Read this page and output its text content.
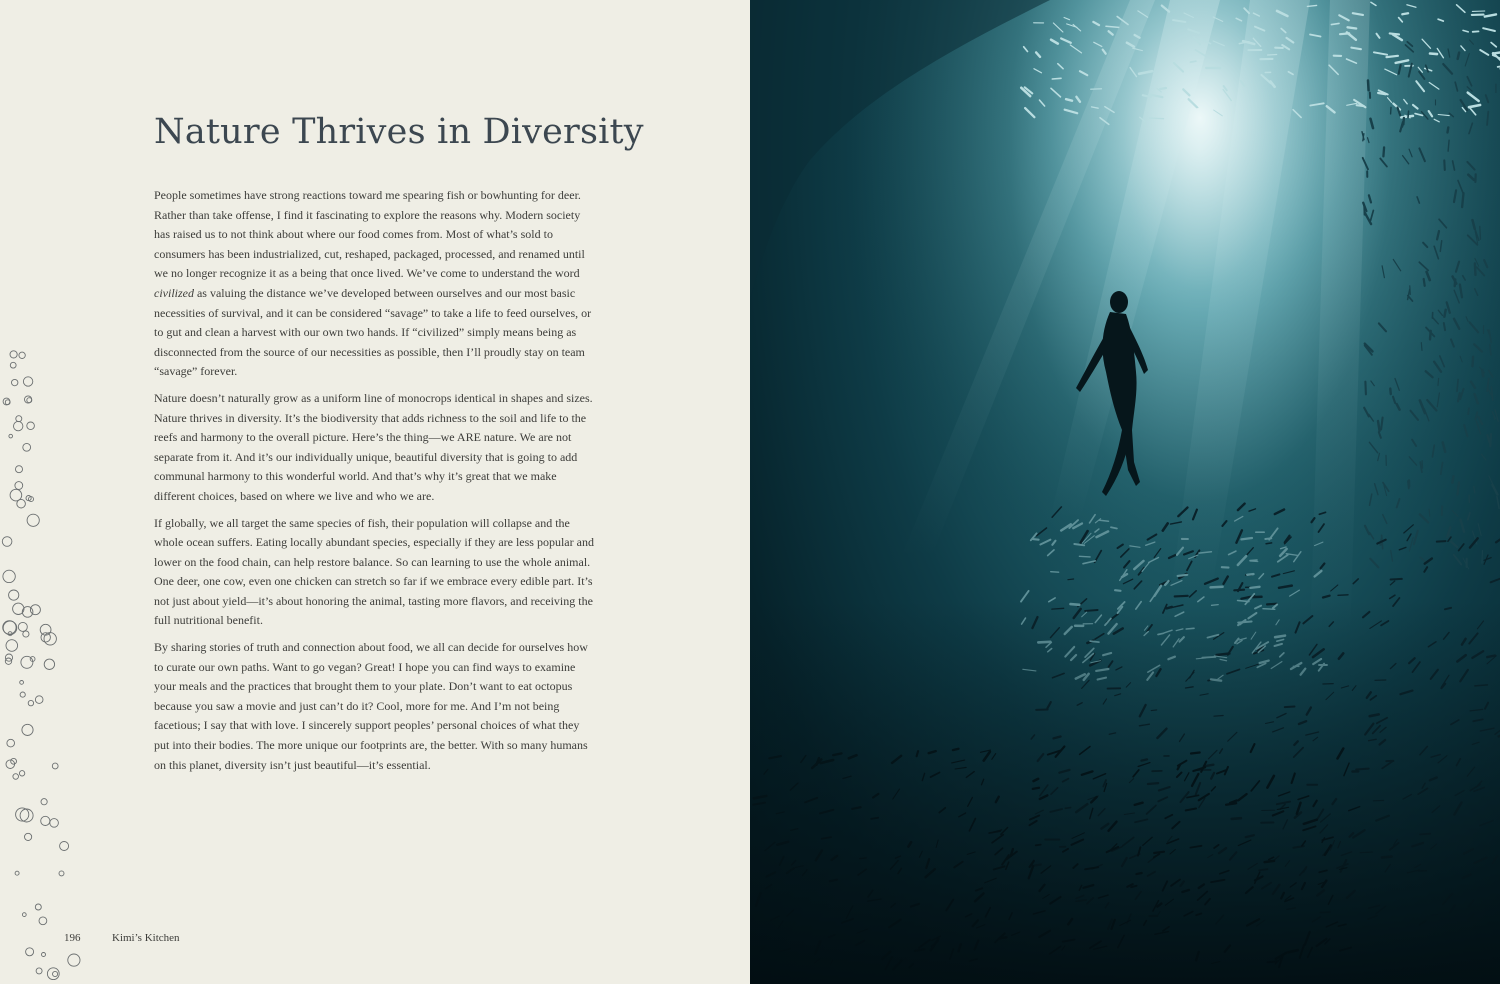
Nature Thrives in Diversity

People sometimes have strong reactions toward me spearing fish or bowhunting for deer. Rather than take offense, I find it fascinating to explore the reasons why. Modern society has raised us to not think about where our food comes from. Most of what’s sold to consumers has been industrialized, cut, reshaped, packaged, processed, and renamed until we no longer recognize it as a being that once lived. We’ve come to understand the word civilized as valuing the distance we’ve developed between ourselves and our most basic necessities of survival, and it can be considered “savage” to take a life to feed ourselves, or to gut and clean a harvest with our own two hands. If “civilized” simply means being as disconnected from the source of our necessities as possible, then I’ll proudly stay on team “savage” forever.

Nature doesn’t naturally grow as a uniform line of monocrops identical in shapes and sizes. Nature thrives in diversity. It’s the biodiversity that adds richness to the soil and life to the reefs and harmony to the overall picture. Here’s the thing—we ARE nature. We are not separate from it. And it’s our individually unique, beautiful diversity that is going to add communal harmony to this wonderful world. And that’s why it’s great that we make different choices, based on where we live and who we are.

If globally, we all target the same species of fish, their population will collapse and the whole ocean suffers. Eating locally abundant species, especially if they are less popular and lower on the food chain, can help restore balance. So can learning to use the whole animal. One deer, one cow, even one chicken can stretch so far if we embrace every edible part. It’s not just about yield—it’s about honoring the animal, tasting more flavors, and receiving the full nutritional benefit.

By sharing stories of truth and connection about food, we all can decide for ourselves how to curate our own paths. Want to go vegan? Great! I hope you can find ways to examine your meals and the practices that brought them to your plate. Don’t want to eat octopus because you saw a movie and just can’t do it? Cool, more for me. And I’m not being facetious; I say that with love. I sincerely support peoples’ personal choices of what they put into their bodies. The more unique our footprints are, the better. With so many humans on this planet, diversity isn’t just beautiful—it’s essential.

196	Kimi’s Kitchen
